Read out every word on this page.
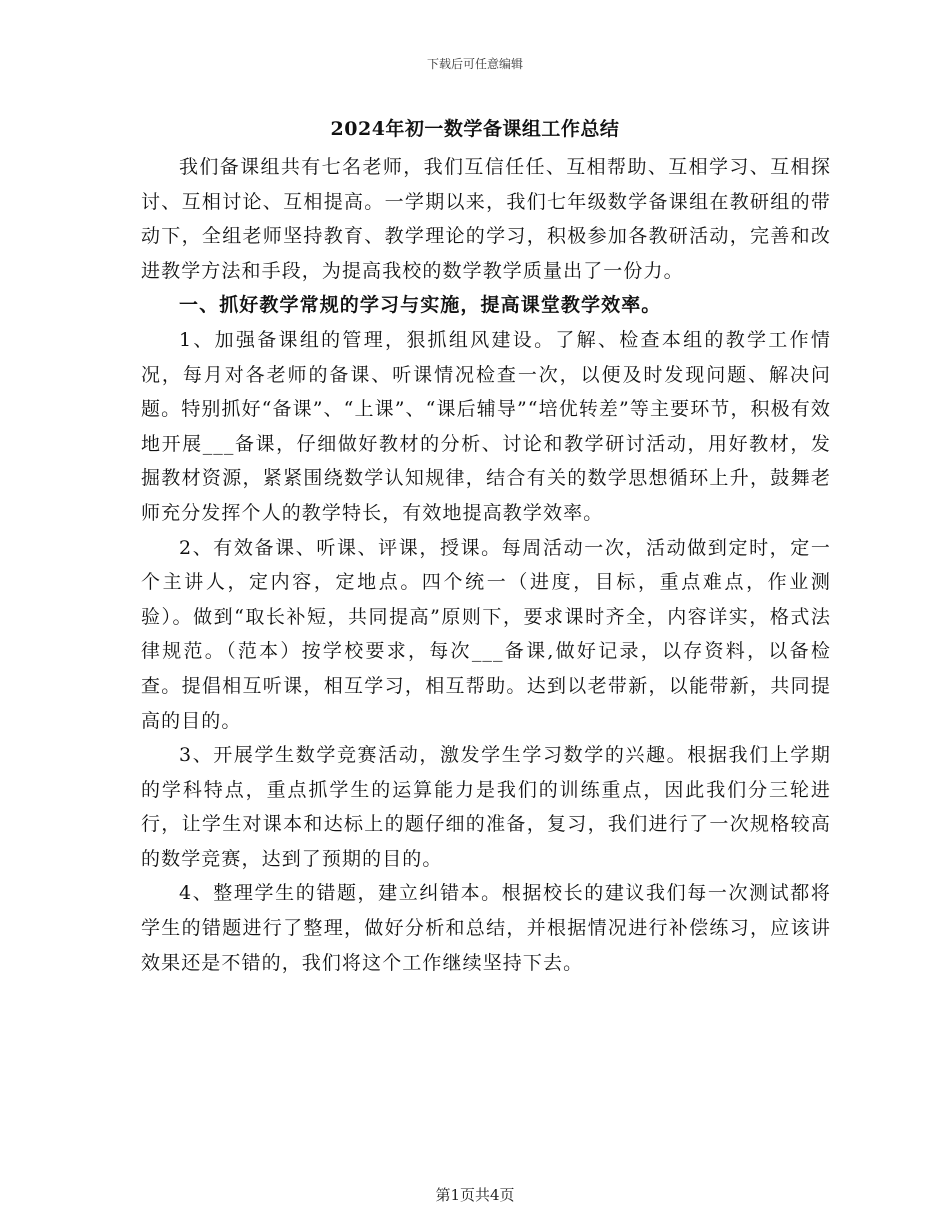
下载后可任意编辑
2024年初一数学备课组工作总结

我们备课组共有七名老师，我们互信任任、互相帮助、互相学习、互相探讨、互相讨论、互相提高。一学期以来，我们七年级数学备课组在教研组的带动下，全组老师坚持教育、教学理论的学习，积极参加各教研活动，完善和改进教学方法和手段，为提高我校的数学教学质量出了一份力。

一、抓好教学常规的学习与实施，提高课堂教学效率。

1、加强备课组的管理，狠抓组风建设。了解、检查本组的教学工作情况，每月对各老师的备课、听课情况检查一次，以便及时发现问题、解决问题。特别抓好“备课”、“上课”、“课后辅导”“培优转差”等主要环节，积极有效地开展___备课，仔细做好教材的分析、讨论和教学研讨活动，用好教材，发掘教材资源，紧紧围绕数学认知规律，结合有关的数学思想循环上升，鼓舞老师充分发挥个人的教学特长，有效地提高教学效率。

2、有效备课、听课、评课，授课。每周活动一次，活动做到定时，定一个主讲人，定内容，定地点。四个统一（进度，目标，重点难点，作业测验）。做到“取长补短，共同提高”原则下，要求课时齐全，内容详实，格式法律规范。（范本）按学校要求，每次___备课,做好记录，以存资料，以备检查。提倡相互听课，相互学习，相互帮助。达到以老带新，以能带新，共同提高的目的。

3、开展学生数学竞赛活动，激发学生学习数学的兴趣。根据我们上学期的学科特点，重点抓学生的运算能力是我们的训练重点，因此我们分三轮进行，让学生对课本和达标上的题仔细的准备，复习，我们进行了一次规格较高的数学竞赛，达到了预期的目的。

4、整理学生的错题，建立纠错本。根据校长的建议我们每一次测试都将学生的错题进行了整理，做好分析和总结，并根据情况进行补偿练习，应该讲效果还是不错的，我们将这个工作继续坚持下去。

第1页共4页
